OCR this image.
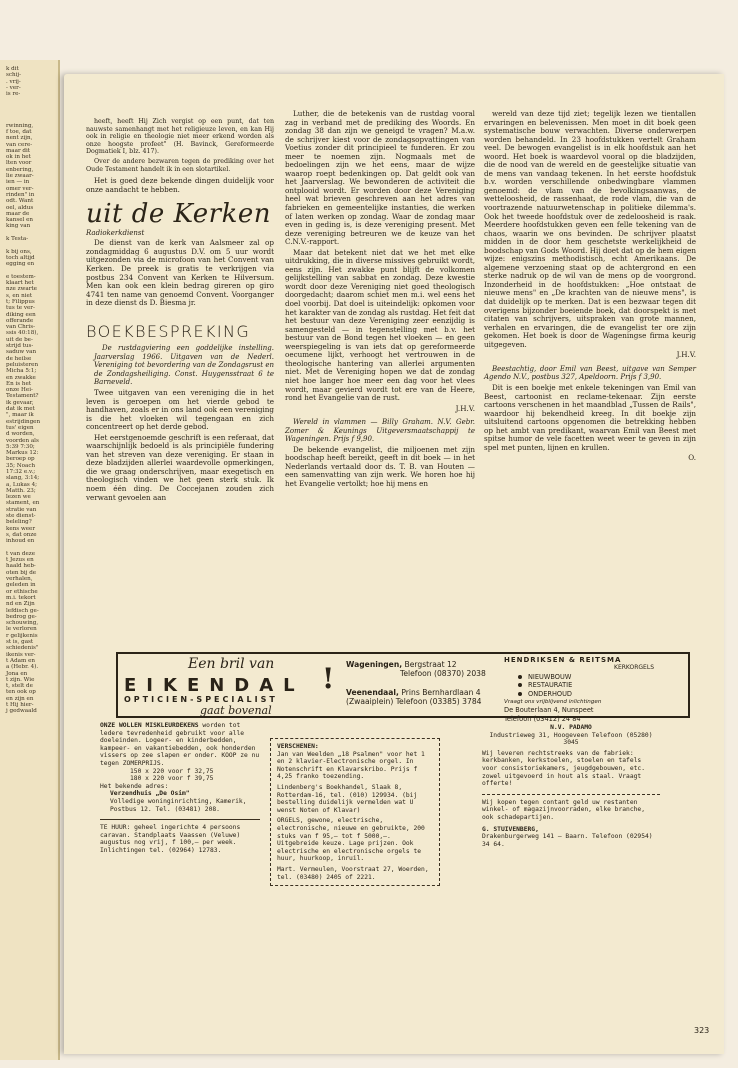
k dit
schij-
. vrij-
- ver-
is re-

rwinning,
f toe, dat
nent zijn,
van cere-
maar dit
ok in het
lten voor
enbering,
lie zwaar-
ien — in
omer ver-
rinden" in
odt. Want
oel, aldus
maar de
kansel en
king van

k Testa-

k bij ons,
toch altijd
egging en

e toestem-
klaart het
nze zwarte
s, en niet
t; Filippus
tus te ver-
diking een
offerande
van Chris-
ssis 40:18),
uit de be-
strijd tus-
saduw van
de heilse
peluisteren
Micha 5:1;
en zwakke
En is het
onze Hei-
Testament?
ik gevaar,
dat ik met
", maar ik
estrijdingen
tus' eigen
d worden,
voorden als
5:39 7:30;
Markus 12:
beroep op
35; Noach
17:32 e.v.;
slang, 3:14;
a, Lukas 4;
Matth. 23;
lezen we
stament, en
stratie van
ste dienst-
beleling?
kens weer
s, dat onze
inhoud en

t van deze
t Jezus en
haald heb-
oten bij de
verhalen,
geleden in
or ethische
m.i. tekort
nd en Zijn
lefdisch ge-
bedrog ge-
schouwing,
le verloren
r gelijkenis
st is, gast
schiedenis"
ikenis ver-
t Adam en
a (Hebr. 4).
Jona en
t zijn. Wie
t, stelt de
ten ook op
en zijn en
t Hij hier-
j gedwaald

heeft, heeft Hij Zich vergist op een punt, dat ten nauwste samenhangt met het religieuze leven, en kan Hij ook in religie en theologie niet meer erkend worden als onze hoogste profeet" (H. Bavinck, Gereformeerde Dogmatiek I, blz. 417).

Over de andere bezwaren tegen de prediking over het Oude Testament handelt ik in een slotartikel.

Het is goed deze bekende dingen duidelijk voor onze aandacht te hebben.

uit de Kerken
Radiokerkdienst

De dienst van de kerk van Aalsmeer zal op zondagmiddag 6 augustus D.V. om 5 uur wordt uitgezonden via de microfoon van het Convent van Kerken. De preek is gratis te verkrijgen via postbus 234 Convent van Kerken te Hilversum. Men kan ook een klein bedrag gireren op giro 4741 ten name van genoemd Convent. Voorganger in deze dienst ds D. Biesma jr.

BOEKBESPREKING

De rustdagviering een goddelijke instelling. Jaarverslag 1966. Uitgaven van de Nederl. Vereniging tot bevordering van de Zondagsrust en de Zondagsheiliging. Const. Huygensstraat 6 te Barneveld.

Twee uitgaven van een vereniging die in het leven is geroepen om het vierde gebod te handhaven, zoals er in ons land ook een vereniging is die het vloeken wil tegengaan en zich concentreert op het derde gebod.

Het eerstgenoemde geschrift is een referaat, dat waarschijnlijk bedoeld is als principiële fundering van het streven van deze vereniging. Er staan in deze bladzijden allerlei waardevolle opmerkingen, die we graag onderschrijven, maar exegetisch en theologisch vinden we het geen sterk stuk. Ik noem één ding. De Coccejanen zouden zich verwant gevoelen aan

Luther, die de betekenis van de rustdag vooral zag in verband met de prediking des Woords. En zondag 38 dan zijn we geneigd te vragen? M.a.w. de schrijver kiest voor de zondagsopvattingen van Voetius zonder dit principieel te funderen. Er zou meer te noemen zijn. Nogmaals met de bedoelingen zijn we het eens, maar de wijze waarop roept bedenkingen op. Dat geldt ook van het Jaarverslag. We bewonderen de activiteit die ontplooid wordt. Er worden door deze Vereniging heel wat brieven geschreven aan het adres van fabrieken en gemeentelijke instanties, die werken of laten werken op zondag. Waar de zondag maar even in geding is, is deze vereniging present. Met deze vereniging betreuren we de keuze van het C.N.V.-rapport.

Maar dat betekent niet dat we het met elke uitdrukking, die in diverse missives gebruikt wordt, eens zijn. Het zwakke punt blijft de volkomen gelijkstelling van sabbat en zondag. Deze kwestie wordt door deze Vereniging niet goed theologisch doorgedacht; daarom schiet men m.i. wel eens het doel voorbij. Dat doel is uiteindelijk: opkomen voor het karakter van de zondag als rustdag. Het feit dat het bestuur van deze Vereniging zeer eenzijdig is samengesteld — in tegenstelling met b.v. het bestuur van de Bond tegen het vloeken — en geen weerspiegeling is van iets dat op gereformeerde oecumene lijkt, verhoogt het vertrouwen in de theologische hantering van allerlei argumenten niet. Met de Vereniging hopen we dat de zondag niet hoe langer hoe meer een dag voor het vlees wordt, maar gevierd wordt tot ere van de Heere, rond het Evangelie van de rust.

J.H.V.

Wereld in vlammen — Billy Graham. N.V. Gebr. Zomer & Keunings Uitgeversmaatschappij te Wageningen. Prijs f 9,90.

De bekende evangelist, die miljoenen met zijn boodschap heeft bereikt, geeft in dit boek — in het Nederlands vertaald door ds. T. B. van Houten — een samenvatting van zijn werk. We horen hoe hij het Evangelie vertolkt; hoe hij mens en

wereld van deze tijd ziet; tegelijk lezen we tientallen ervaringen en belevenissen. Men moet in dit boek geen systematische bouw verwachten. Diverse onderwerpen worden behandeld. In 23 hoofdstukken vertelt Graham veel. De bewogen evangelist is in elk hoofdstuk aan het woord. Het boek is waardevol vooral op die bladzijden, die de nood van de wereld en de geestelijke situatie van de mens van vandaag tekenen. In het eerste hoofdstuk b.v. worden verschillende onbedwingbare vlammen genoemd: de vlam van de bevolkingsaanwas, de wetteloosheid, de rassenhaat, de rode vlam, die van de voortrazende natuurwetenschap in politieke dilemma's. Ook het tweede hoofdstuk over de zedeloosheid is raak. Meerdere hoofdstukken geven een felle tekening van de chaos, waarin we ons bevinden. De schrijver plaatst midden in de door hem geschetste werkelijkheid de boodschap van Gods Woord. Hij doet dat op de hem eigen wijze: enigszins methodistisch, echt Amerikaans. De algemene verzoening staat op de achtergrond en een sterke nadruk op de wil van de mens op de voorgrond. Inzonderheid in de hoofdstukken: „Hoe ontstaat de nieuwe mens" en „De krachten van de nieuwe mens", is dat duidelijk op te merken. Dat is een bezwaar tegen dit overigens bijzonder boeiende boek, dat doorspekt is met citaten van schrijvers, uitspraken van grote mannen, verhalen en ervaringen, die de evangelist ter ore zijn gekomen. Het boek is door de Wageningse firma keurig uitgegeven.

J.H.V.

Beestachtig, door Emil van Beest, uitgave van Semper Agendo N.V., postbus 327, Apeldoorn. Prijs f 3,90.

Dit is een boekje met enkele tekeningen van Emil van Beest, cartoonist en reclame-tekenaar. Zijn eerste cartoons verschenen in het maandblad „Tussen de Rails", waardoor hij bekendheid kreeg. In dit boekje zijn uitsluitend cartoons opgenomen die betrekking hebben op het ambt van predikant, waarvan Emil van Beest met spitse humor de vele facetten weet weer te geven in zijn spel met punten, lijnen en krullen.

O.
Een bril van
EIKENDAL !
OPTICIEN-SPECIALIST
gaat bovenal
Wageningen, Bergstraat 12
Telefoon (08370) 2038
Veenendaal, Prins Bernhardlaan 4
(Zwaaiplein) Telefoon (03385) 3784
HENDRIKSEN & REITSMA
KERKORGELS
NIEUWBOUW
RESTAURATIE
ONDERHOUD
Vraagt ons vrijblijvend inlichtingen
De Bouterlaan 4, Nunspeet
Telefoon (03412) 24 84
ONZE WOLLEN MISKLEURDEKENS worden tot ledere tevredenheid gebruikt voor alle doeleinden. Logeer- en kinderbedden, kampeer- en vakantiebedden, ook honderden vissers op zee slapen er onder. KOOP ze nu tegen ZOMERPRIJS.
150 x 220 voor f 32,75
180 x 220 voor f 39,75
Het bekende adres:
Verzendhuis „De Osim"
Volledige woninginrichting, Kamerik, Postbus 12. Tel. (03481) 208.
TE HUUR: geheel ingerichte 4 persoons caravan. Standplaats Vaassen (Veluwe) augustus nog vrij, f 100,— per week. Inlichtingen tel. (02964) 12783.
VERSCHENEN:
Jan van Weelden „18 Psalmen" voor het 1 en 2 klavier-Electronische orgel. In Notenschrift en Klavarskribo. Prijs f 4,25 franko toezending.
Lindenberg's Boekhandel, Slaak 8, Rotterdam-16, tel. (010) 129934. (bij bestelling duidelijk vermelden wat U wenst Noten of Klavar)
ORGELS, gewone, electrische, electronische, nieuwe en gebruikte, 200 stuks van f 95,— tot f 5000,—. Uitgebreide keuze. Lage prijzen. Ook electrische en electronische orgels te huur, huurkoop, inruil.
Mart. Vermeulen, Voorstraat 27, Woerden, tel. (03480) 2405 of 2221.
N.V. PADAMO
Industrieweg 31, Hoogeveen Telefoon (05280) 3045
Wij leveren rechtstreeks van de fabriek: kerkbanken, kerkstoelen, stoelen en tafels voor consistoriekamers, jeugdgebouwen, etc. zowel uitgevoerd in hout als staal. Vraagt offerte!
Wij kopen tegen contant geld uw restanten winkel- of magazijnvoorraden, elke branche, ook schadepartijen.
G. STUIVENBERG,
Drakenburgerweg 141 — Baarn. Telefoon (02954) 34 64.
323
